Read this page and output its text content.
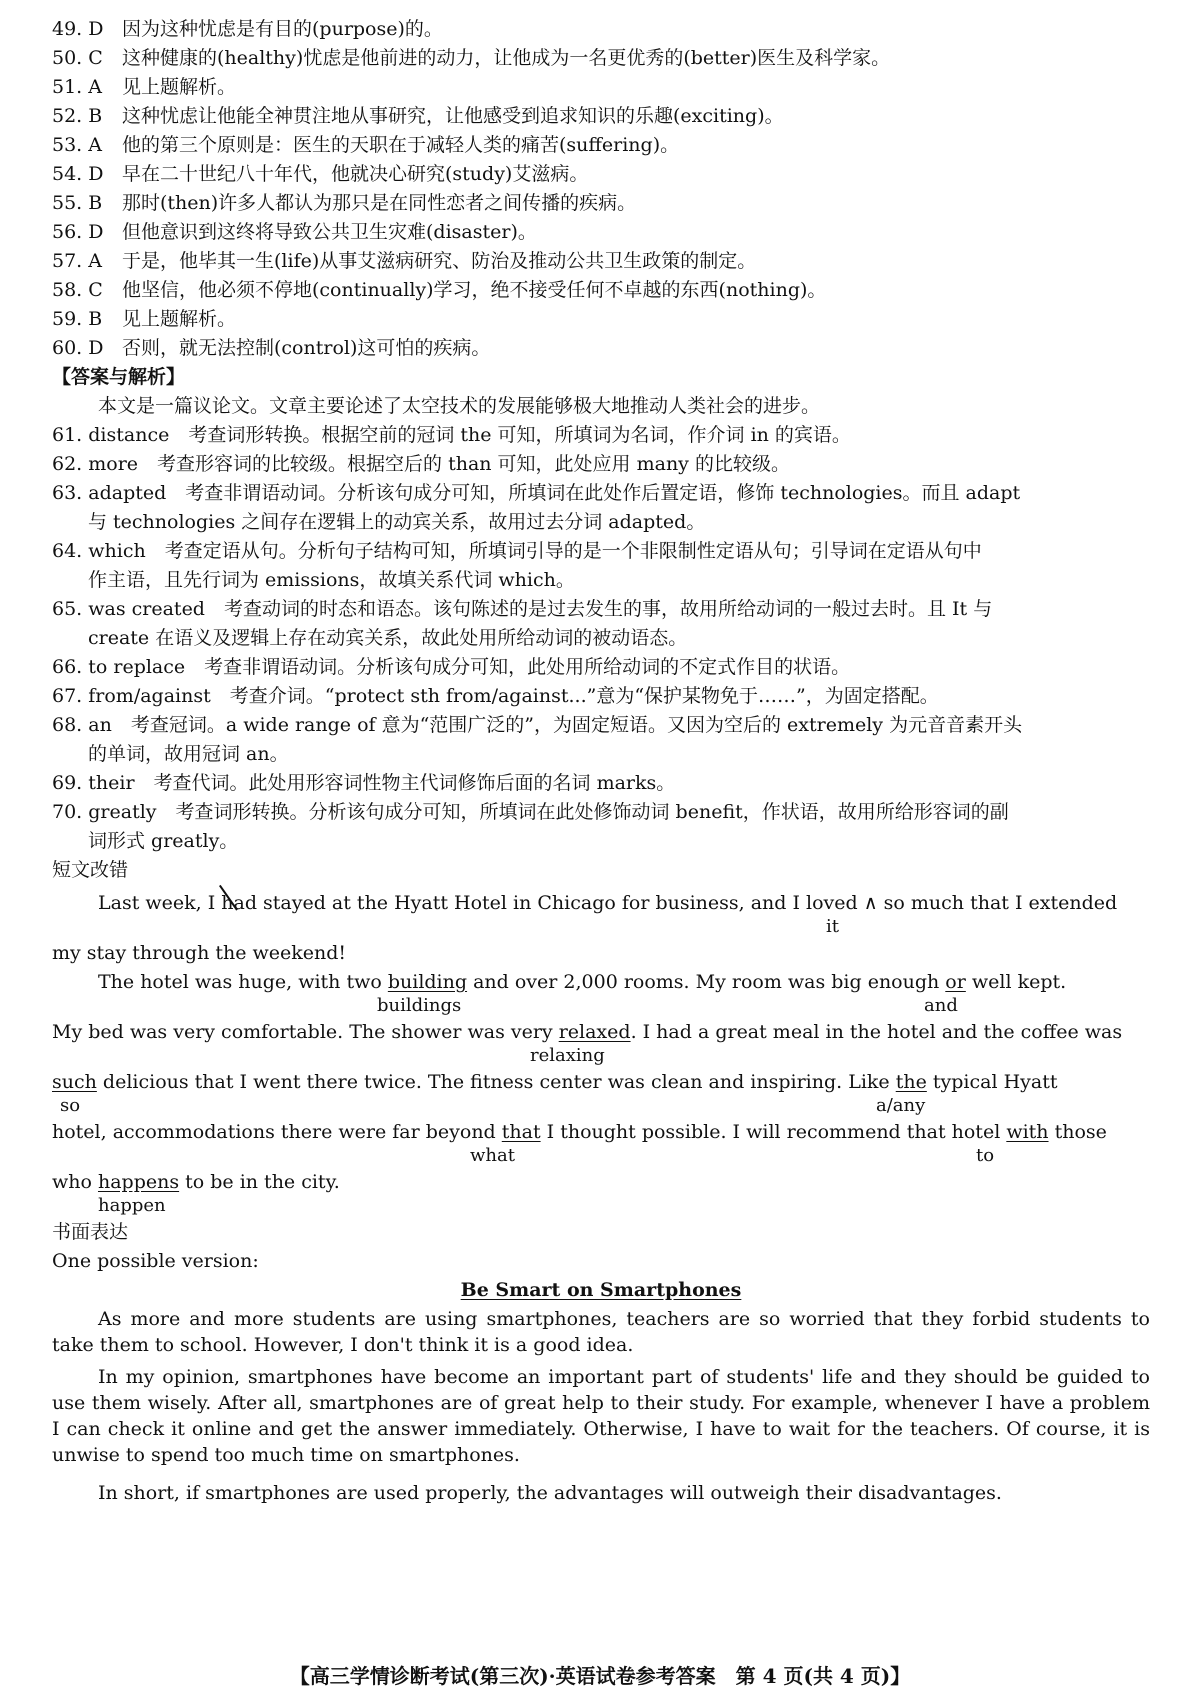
49. D 因为这种忧虑是有目的(purpose)的。
50. C 这种健康的(healthy)忧虑是他前进的动力，让他成为一名更优秀的(better)医生及科学家。
51. A 见上题解析。
52. B 这种忧虑让他能全神贯注地从事研究，让他感受到追求知识的乐趣(exciting)。
53. A 他的第三个原则是：医生的天职在于减轻人类的痛苦(suffering)。
54. D 早在二十世纪八十年代，他就决心研究(study)艾滋病。
55. B 那时(then)许多人都认为那只是在同性恋者之间传播的疾病。
56. D 但他意识到这终将导致公共卫生灾难(disaster)。
57. A 于是，他毕其一生(life)从事艾滋病研究、防治及推动公共卫生政策的制定。
58. C 他坚信，他必须不停地(continually)学习，绝不接受任何不卓越的东西(nothing)。
59. B 见上题解析。
60. D 否则，就无法控制(control)这可怕的疾病。
【答案与解析】
本文是一篇议论文。文章主要论述了太空技术的发展能够极大地推动人类社会的进步。
61. distance　考查词形转换。根据空前的冠词 the 可知，所填词为名词，作介词 in 的宾语。
62. more　考查形容词的比较级。根据空后的 than 可知，此处应用 many 的比较级。
63. adapted　考查非谓语动词。分析该句成分可知，所填词在此处作后置定语，修饰 technologies。而且 adapt
与 technologies 之间存在逻辑上的动宾关系，故用过去分词 adapted。
64. which　考查定语从句。分析句子结构可知，所填词引导的是一个非限制性定语从句；引导词在定语从句中
作主语，且先行词为 emissions，故填关系代词 which。
65. was created　考查动词的时态和语态。该句陈述的是过去发生的事，故用所给动词的一般过去时。且 It 与
create 在语义及逻辑上存在动宾关系，故此处用所给动词的被动语态。
66. to replace　考查非谓语动词。分析该句成分可知，此处用所给动词的不定式作目的状语。
67. from/against　考查介词。“protect sth from/against...”意为“保护某物免于……”，为固定搭配。
68. an　考查冠词。a wide range of 意为“范围广泛的”，为固定短语。又因为空后的 extremely 为元音音素开头
的单词，故用冠词 an。
69. their　考查代词。此处用形容词性物主代词修饰后面的名词 marks。
70. greatly　考查词形转换。分析该句成分可知，所填词在此处修饰动词 benefit，作状语，故用所给形容词的副
词形式 greatly。
短文改错
Last week, I had stayed at the Hyatt Hotel in Chicago for business, and I loved ∧ so much that I extended
it
my stay through the weekend!
The hotel was huge, with two building and over 2,000 rooms. My room was big enough or well kept.
buildings	and
My bed was very comfortable. The shower was very relaxed. I had a great meal in the hotel and the coffee was
relaxing
such delicious that I went there twice. The fitness center was clean and inspiring. Like the typical Hyatt
so	a/any
hotel, accommodations there were far beyond that I thought possible. I will recommend that hotel with those
what	to
who happens to be in the city.
happen
书面表达
One possible version:
Be Smart on Smartphones
As more and more students are using smartphones, teachers are so worried that they forbid students to take them to school. However, I don't think it is a good idea.
In my opinion, smartphones have become an important part of students' life and they should be guided to use them wisely. After all, smartphones are of great help to their study. For example, whenever I have a problem I can check it online and get the answer immediately. Otherwise, I have to wait for the teachers. Of course, it is unwise to spend too much time on smartphones.
In short, if smartphones are used properly, the advantages will outweigh their disadvantages.
【高三学情诊断考试(第三次)·英语试卷参考答案　第 4 页(共 4 页)】
